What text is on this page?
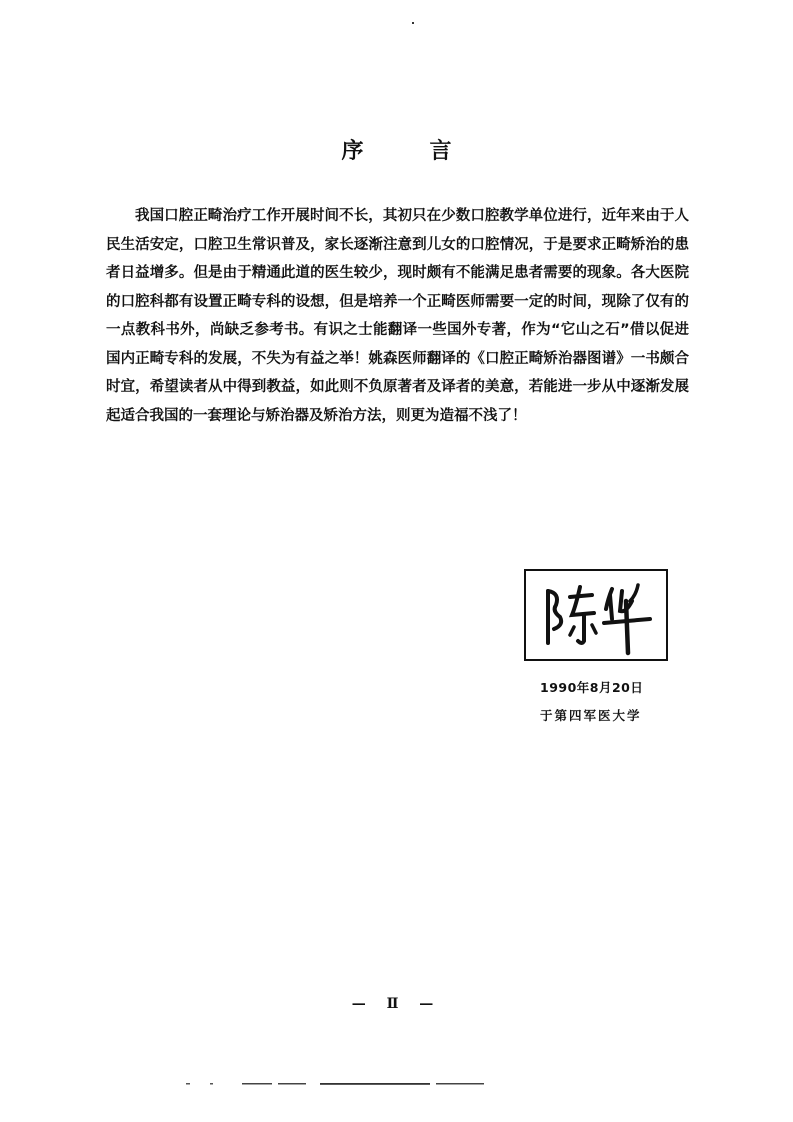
序　言

我国口腔正畸治疗工作开展时间不长，其初只在少数口腔教学单位进行，近年来由于人民生活安定，口腔卫生常识普及，家长逐渐注意到儿女的口腔情况，于是要求正畸矫治的患者日益增多。但是由于精通此道的医生较少，现时颇有不能满足患者需要的现象。各大医院的口腔科都有设置正畸专科的设想，但是培养一个正畸医师需要一定的时间，现除了仅有的一点教科书外，尚缺乏参考书。有识之士能翻译一些国外专著，作为“它山之石”借以促进国内正畸专科的发展，不失为有益之举！姚森医师翻译的《口腔正畸矫治器图谱》一书颇合时宜，希望读者从中得到教益，如此则不负原著者及译者的美意，若能进一步从中逐渐发展起适合我国的一套理论与矫治器及矫治方法，则更为造福不浅了！

1990年8月20日
于第四军医大学
— Ⅱ —
